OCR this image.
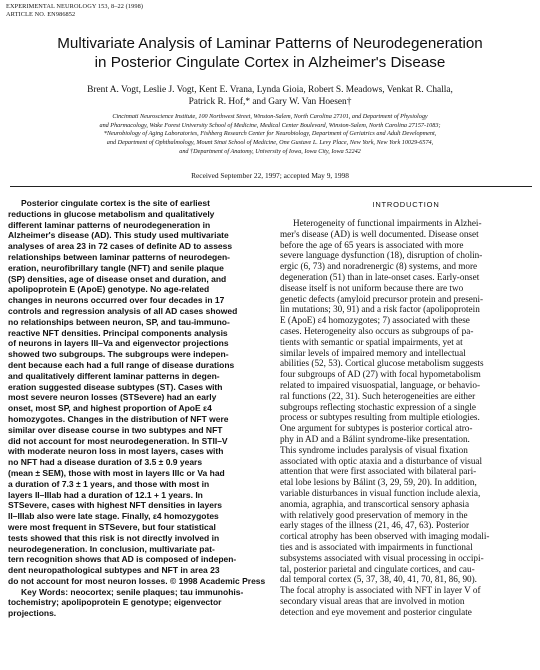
EXPERIMENTAL NEUROLOGY 153, 8–22 (1998)
ARTICLE NO. EN986852
Multivariate Analysis of Laminar Patterns of Neurodegeneration
in Posterior Cingulate Cortex in Alzheimer's Disease
Brent A. Vogt, Leslie J. Vogt, Kent E. Vrana, Lynda Gioia, Robert S. Meadows, Venkat R. Challa,
Patrick R. Hof,* and Gary W. Van Hoesen†
Cincinnati Neuroscience Institute, 100 Northwest Street, Winston-Salem, North Carolina 27101, and Department of Physiology
and Pharmacology, Wake Forest University School of Medicine, Medical Center Boulevard, Winston-Salem, North Carolina 27157-1083;
*Neurobiology of Aging Laboratories, Fishberg Research Center for Neurobiology, Department of Geriatrics and Adult Development,
and Department of Ophthalmology, Mount Sinai School of Medicine, One Gustave L. Levy Place, New York, New York 10029-6574,
and †Department of Anatomy, University of Iowa, Iowa City, Iowa 52242
Received September 22, 1997; accepted May 9, 1998
Posterior cingulate cortex is the site of earliest
reductions in glucose metabolism and qualitatively
different laminar patterns of neurodegeneration in
Alzheimer's disease (AD). This study used multivariate
analyses of area 23 in 72 cases of definite AD to assess
relationships between laminar patterns of neurodegen-
eration, neurofibrillary tangle (NFT) and senile plaque
(SP) densities, age of disease onset and duration, and
apolipoprotein E (ApoE) genotype. No age-related
changes in neurons occurred over four decades in 17
controls and regression analysis of all AD cases showed
no relationships between neuron, SP, and tau-immuno-
reactive NFT densities. Principal components analysis
of neurons in layers III–Va and eigenvector projections
showed two subgroups. The subgroups were indepen-
dent because each had a full range of disease durations
and qualitatively different laminar patterns in degen-
eration suggested disease subtypes (ST). Cases with
most severe neuron losses (STSevere) had an early
onset, most SP, and highest proportion of ApoE ε4
homozygotes. Changes in the distribution of NFT were
similar over disease course in two subtypes and NFT
did not account for most neurodegeneration. In STII–V
with moderate neuron loss in most layers, cases with
no NFT had a disease duration of 3.5 ± 0.9 years
(mean ± SEM), those with most in layers IIIc or Va had
a duration of 7.3 ± 1 years, and those with most in
layers II–IIIab had a duration of 12.1 + 1 years. In
STSevere, cases with highest NFT densities in layers
II–IIIab also were late stage. Finally, ε4 homozygotes
were most frequent in STSevere, but four statistical
tests showed that this risk is not directly involved in
neurodegeneration. In conclusion, multivariate pat-
tern recognition shows that AD is composed of indepen-
dent neuropathological subtypes and NFT in area 23
do not account for most neuron losses. © 1998 Academic Press
Key Words: neocortex; senile plaques; tau immunohis-
tochemistry; apolipoprotein E genotype; eigenvector
projections.
INTRODUCTION
Heterogeneity of functional impairments in Alzhei-
mer's disease (AD) is well documented. Disease onset
before the age of 65 years is associated with more
severe language dysfunction (18), disruption of cholin-
ergic (6, 73) and noradrenergic (8) systems, and more
degeneration (51) than in late-onset cases. Early-onset
disease itself is not uniform because there are two
genetic defects (amyloid precursor protein and preseni-
lin mutations; 30, 91) and a risk factor (apolipoprotein
E (ApoE) ε4 homozygotes; 7) associated with these
cases. Heterogeneity also occurs as subgroups of pa-
tients with semantic or spatial impairments, yet at
similar levels of impaired memory and intellectual
abilities (52, 53). Cortical glucose metabolism suggests
four subgroups of AD (27) with focal hypometabolism
related to impaired visuospatial, language, or behavio-
ral functions (22, 31). Such heterogeneities are either
subgroups reflecting stochastic expression of a single
process or subtypes resulting from multiple etiologies.
One argument for subtypes is posterior cortical atro-
phy in AD and a Bálint syndrome-like presentation.
This syndrome includes paralysis of visual fixation
associated with optic ataxia and a disturbance of visual
attention that were first associated with bilateral pari-
etal lobe lesions by Bálint (3, 29, 59, 20). In addition,
variable disturbances in visual function include alexia,
anomia, agraphia, and transcortical sensory aphasia
with relatively good preservation of memory in the
early stages of the illness (21, 46, 47, 63). Posterior
cortical atrophy has been observed with imaging modali-
ties and is associated with impairments in functional
subsystems associated with visual processing in occipi-
tal, posterior parietal and cingulate cortices, and cau-
dal temporal cortex (5, 37, 38, 40, 41, 70, 81, 86, 90).
The focal atrophy is associated with NFT in layer V of
secondary visual areas that are involved in motion
detection and eye movement and posterior cingulate
